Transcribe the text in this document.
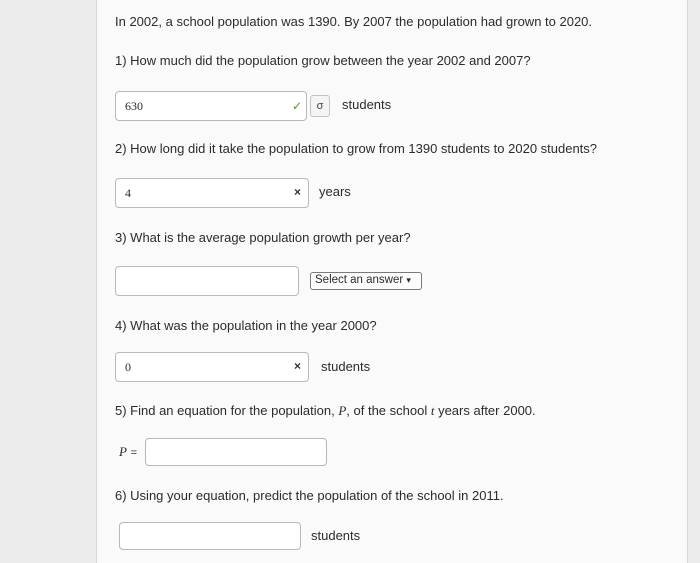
In 2002, a school population was 1390. By 2007 the population had grown to 2020.
1) How much did the population grow between the year 2002 and 2007?
630	✓	σ	students
2) How long did it take the population to grow from 1390 students to 2020 students?
4	× years
3) What is the average population growth per year?
Select an answer ▾
4) What was the population in the year 2000?
0	× students
5) Find an equation for the population, P, of the school t years after 2000.
P =
6) Using your equation, predict the population of the school in 2011.
students
